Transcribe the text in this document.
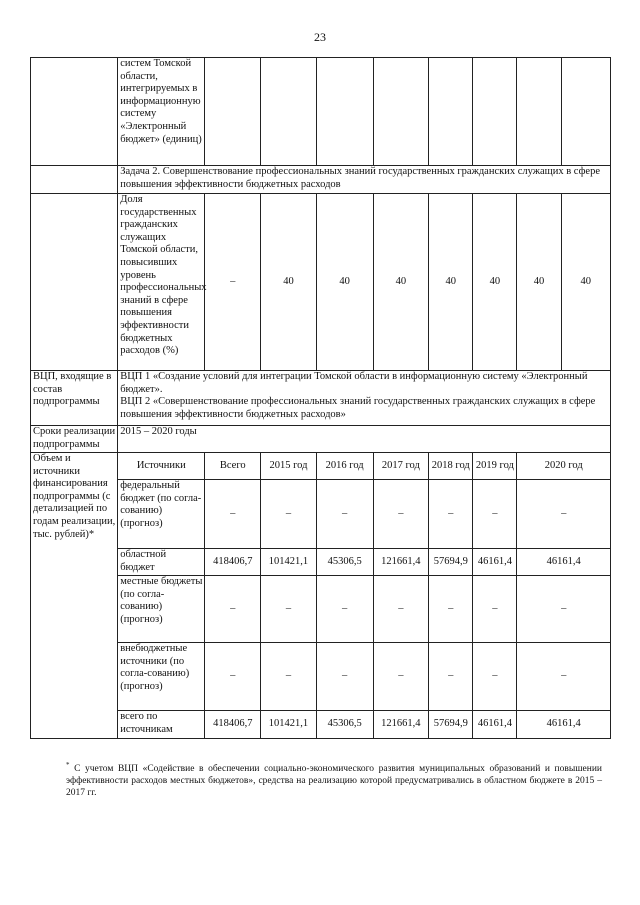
23
	систем Томской области, интегрируемых в информационную систему «Электронный бюджет» (единиц)								
	Задача 2. Совершенствование профессиональных знаний государственных гражданских служащих в сфере повышения эффективности бюджетных расходов								
	Доля государственных гражданских служащих Томской области, повысивших уровень профессиональных знаний в сфере повышения эффективности бюджетных расходов (%)	–	40	40	40	40	40	40	40
ВЦП, входящие в состав подпрограммы	ВЦП 1 «Создание условий для интеграции Томской области в информационную систему «Электронный бюджет».
ВЦП 2 «Совершенствование профессиональных знаний государственных гражданских служащих в сфере повышения эффективности бюджетных расходов»								

Сроки реализации подпрограммы	2015 – 2020 годы								
Объем и источники финансирования подпрограммы (с детализацией по годам реализации, тыс. рублей)*	Источники	Всего	2015 год	2016 год	2017 год	2018 год	2019 год	2020 год	
	федеральный бюджет (по согла-сованию) (прогноз)	–	–	–	–	–	–	–	
	областной бюджет	418406,7	101421,1	45306,5	121661,4	57694,9	46161,4	46161,4	
	местные бюджеты (по согла-сованию) (прогноз)	–	–	–	–	–	–	–	
	внебюджетные источники (по согла-сованию) (прогноз)	–	–	–	–	–	–	–	
	всего по источникам	418406,7	101421,1	45306,5	121661,4	57694,9	46161,4	46161,4	
* С учетом ВЦП «Содействие в обеспечении социально-экономического развития муниципальных образований и повышении эффективности расходов местных бюджетов», средства на реализацию которой предусматривались в областном бюджете в 2015 – 2017 гг.
